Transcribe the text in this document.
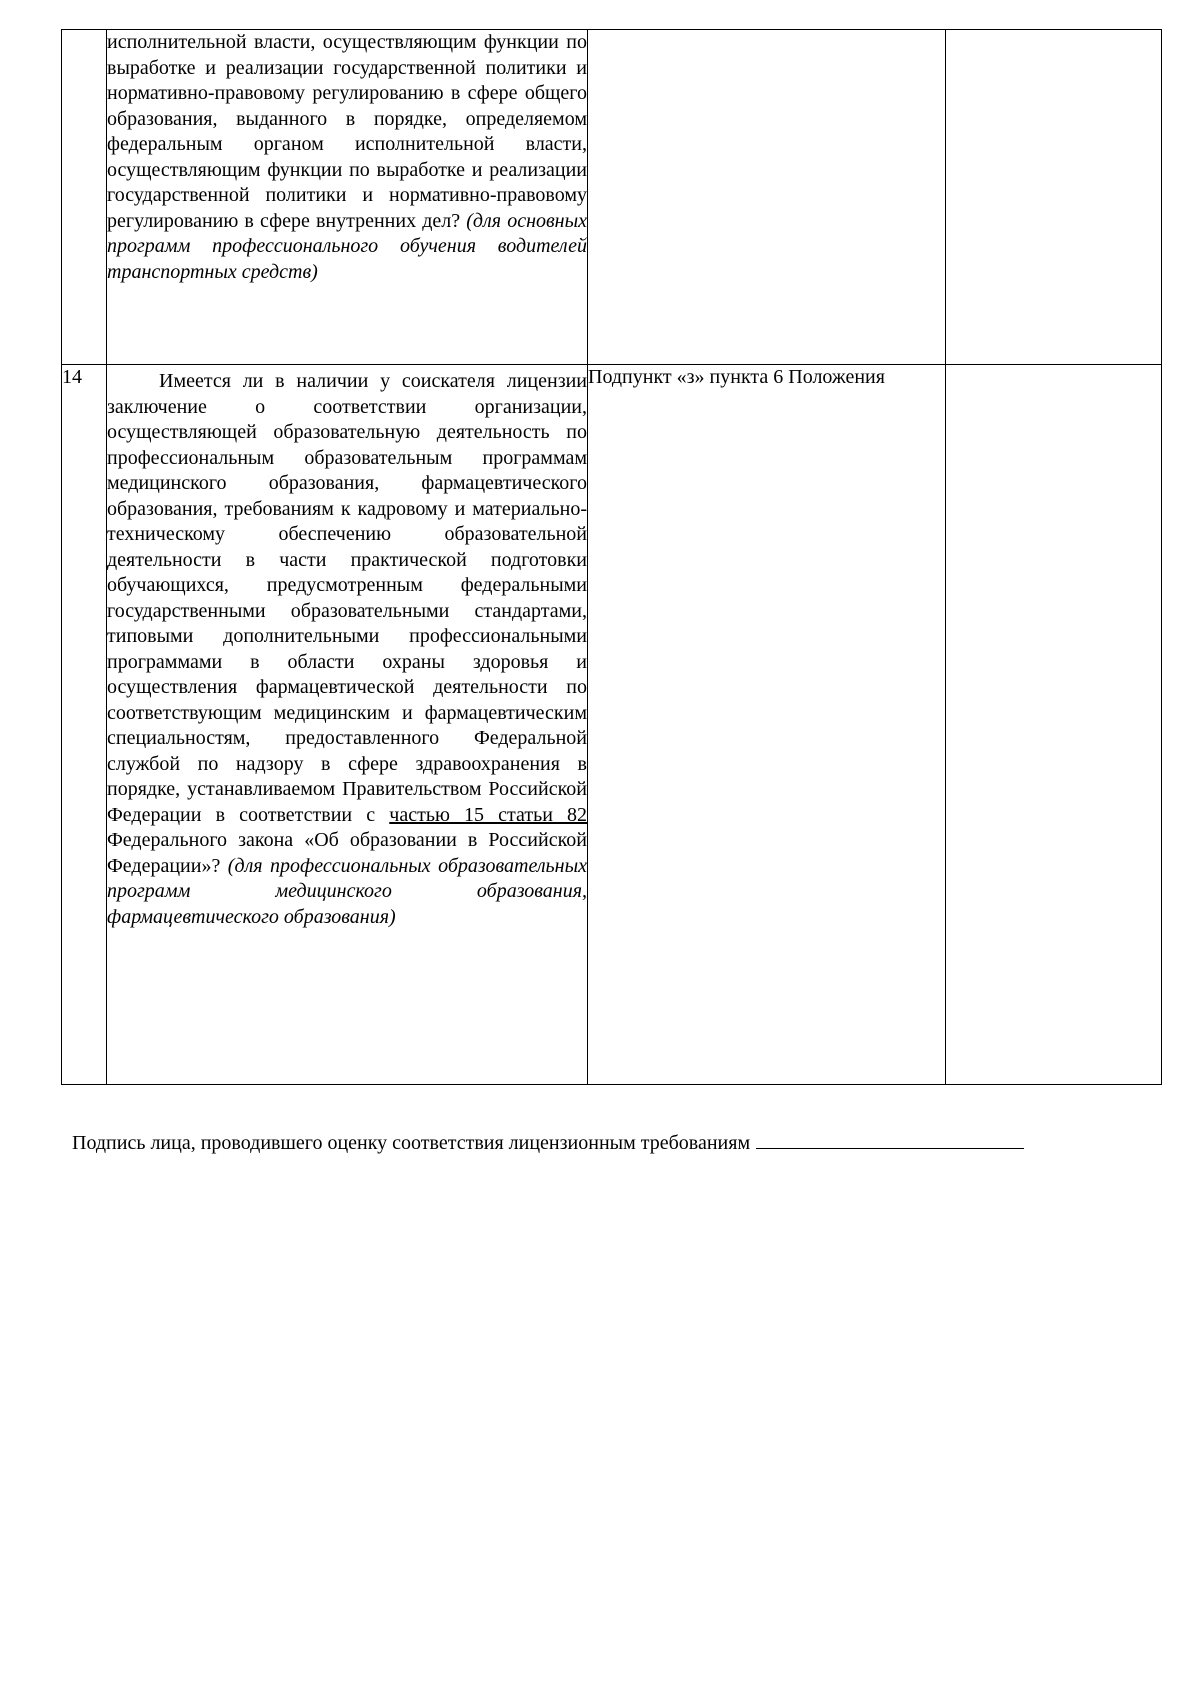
	исполнительной власти, осуществляющим функции по выработке и реализации государственной политики и нормативно-правовому регулированию в сфере общего образования, выданного в порядке, определяемом федеральным органом исполнительной власти, осуществляющим функции по выработке и реализации государственной политики и нормативно-правовому регулированию в сфере внутренних дел? (для основных программ профессионального обучения водителей транспортных средств)		
14	Имеется ли в наличии у соискателя лицензии заключение о соответствии организации, осуществляющей образовательную деятельность по профессиональным образовательным программам медицинского образования, фармацевтического образования, требованиям к кадровому и материально-техническому обеспечению образовательной деятельности в части практической подготовки обучающихся, предусмотренным федеральными государственными образовательными стандартами, типовыми дополнительными профессиональными программами в области охраны здоровья и осуществления фармацевтической деятельности по соответствующим медицинским и фармацевтическим специальностям, предоставленного Федеральной службой по надзору в сфере здравоохранения в порядке, устанавливаемом Правительством Российской Федерации в соответствии с частью 15 статьи 82 Федерального закона «Об образовании в Российской Федерации»? (для профессиональных образовательных программ медицинского образования, фармацевтического образования)	Подпункт «з» пункта 6 Положения	
Подпись лица, проводившего оценку соответствия лицензионным требованиям
